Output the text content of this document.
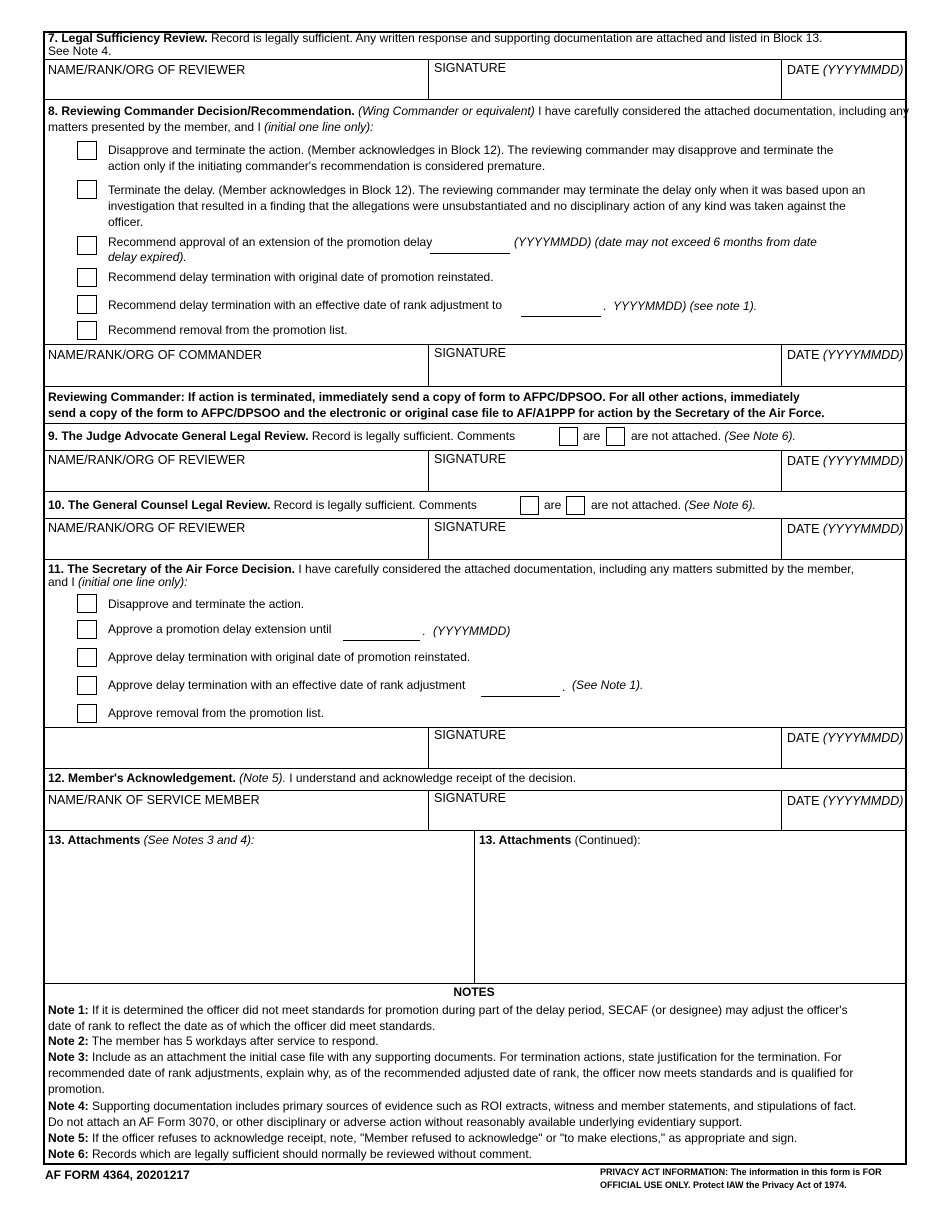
7. Legal Sufficiency Review. Record is legally sufficient. Any written response and supporting documentation are attached and listed in Block 13.
See Note 4.
NAME/RANK/ORG OF REVIEWER	SIGNATURE	DATE (YYYYMMDD)
8. Reviewing Commander Decision/Recommendation. (Wing Commander or equivalent) I have carefully considered the attached documentation, including any
matters presented by the member, and I (initial one line only):
Disapprove and terminate the action. (Member acknowledges in Block 12). The reviewing commander may disapprove and terminate the action only if the initiating commander's recommendation is considered premature.
Terminate the delay. (Member acknowledges in Block 12). The reviewing commander may terminate the delay only when it was based upon an investigation that resulted in a finding that the allegations were unsubstantiated and no disciplinary action of any kind was taken against the officer.
Recommend approval of an extension of the promotion delay	(YYYYMMDD) (date may not exceed 6 months from date
delay expired).
Recommend delay termination with original date of promotion reinstated.
Recommend delay termination with an effective date of rank adjustment to	. YYYYMMDD) (see note 1).
Recommend removal from the promotion list.
NAME/RANK/ORG OF COMMANDER	SIGNATURE	DATE (YYYYMMDD)
Reviewing Commander: If action is terminated, immediately send a copy of form to AFPC/DPSOO. For all other actions, immediately
send a copy of the form to AFPC/DPSOO and the electronic or original case file to AF/A1PPP for action by the Secretary of the Air Force.
9. The Judge Advocate General Legal Review. Record is legally sufficient. Comments	are	are not attached. (See Note 6).
NAME/RANK/ORG OF REVIEWER	SIGNATURE	DATE (YYYYMMDD)
10. The General Counsel Legal Review. Record is legally sufficient. Comments	are are not attached. (See Note 6).
NAME/RANK/ORG OF REVIEWER	SIGNATURE	DATE (YYYYMMDD)
11. The Secretary of the Air Force Decision. I have carefully considered the attached documentation, including any matters submitted by the member,
and I (initial one line only):
Disapprove and terminate the action.
Approve a promotion delay extension until	. (YYYYMMDD)
Approve delay termination with original date of promotion reinstated.
Approve delay termination with an effective date of rank adjustment	. (See Note 1).
Approve removal from the promotion list.
SIGNATURE	DATE (YYYYMMDD)
12. Member's Acknowledgement. (Note 5). I understand and acknowledge receipt of the decision.
NAME/RANK OF SERVICE MEMBER	SIGNATURE	DATE (YYYYMMDD)
13. Attachments (See Notes 3 and 4):	13. Attachments (Continued):
NOTES
Note 1: If it is determined the officer did not meet standards for promotion during part of the delay period, SECAF (or designee) may adjust the officer's
date of rank to reflect the date as of which the officer did meet standards.
Note 2: The member has 5 workdays after service to respond.
Note 3: Include as an attachment the initial case file with any supporting documents. For termination actions, state justification for the termination. For
recommended date of rank adjustments, explain why, as of the recommended adjusted date of rank, the officer now meets standards and is qualified for
promotion.
Note 4: Supporting documentation includes primary sources of evidence such as ROI extracts, witness and member statements, and stipulations of fact.
Do not attach an AF Form 3070, or other disciplinary or adverse action without reasonably available underlying evidentiary support.
Note 5: If the officer refuses to acknowledge receipt, note, "Member refused to acknowledge" or "to make elections," as appropriate and sign.
Note 6: Records which are legally sufficient should normally be reviewed without comment.
AF FORM 4364, 20201217	PRIVACY ACT INFORMATION: The information in this form is FOR
OFFICIAL USE ONLY. Protect IAW the Privacy Act of 1974.
